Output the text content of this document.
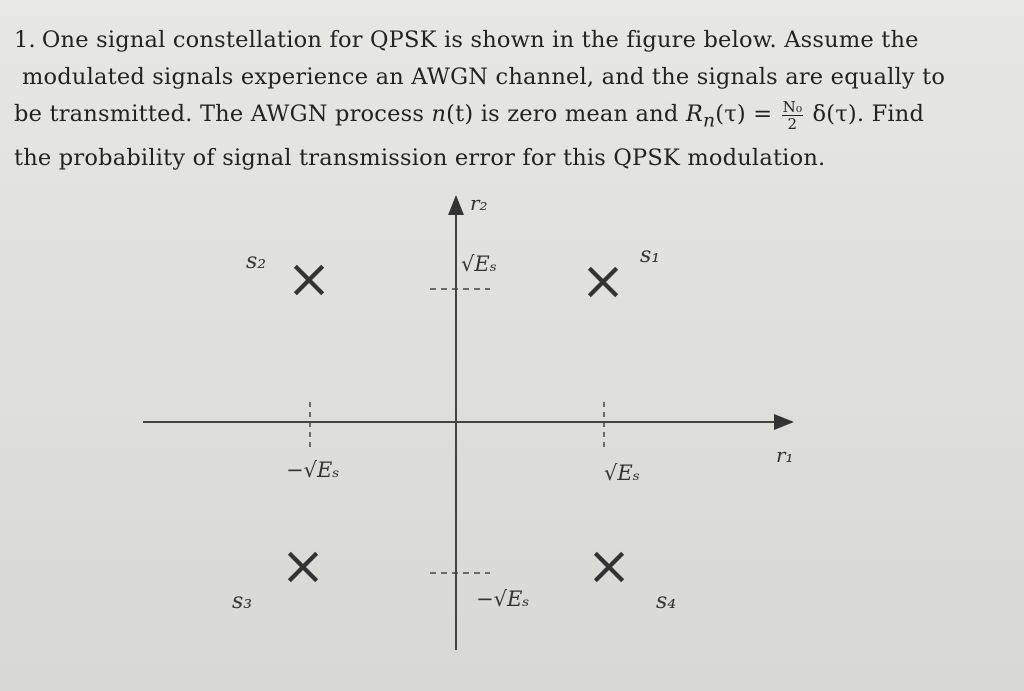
1. One signal constellation for QPSK is shown in the figure below. Assume the
modulated signals experience an AWGN channel, and the signals are equally to
be transmitted. The AWGN process n(t) is zero mean and $R_n(\tau) = \frac{\text{N₀}}{2} \delta(\tau)$. Find
the probability of signal transmission error for this QPSK modulation.
r₂
r₁
s₂	s₁
s₃	s₄
√Eₛ
−√Eₛ
−√Eₛ	√Eₛ
×	×
×	×
